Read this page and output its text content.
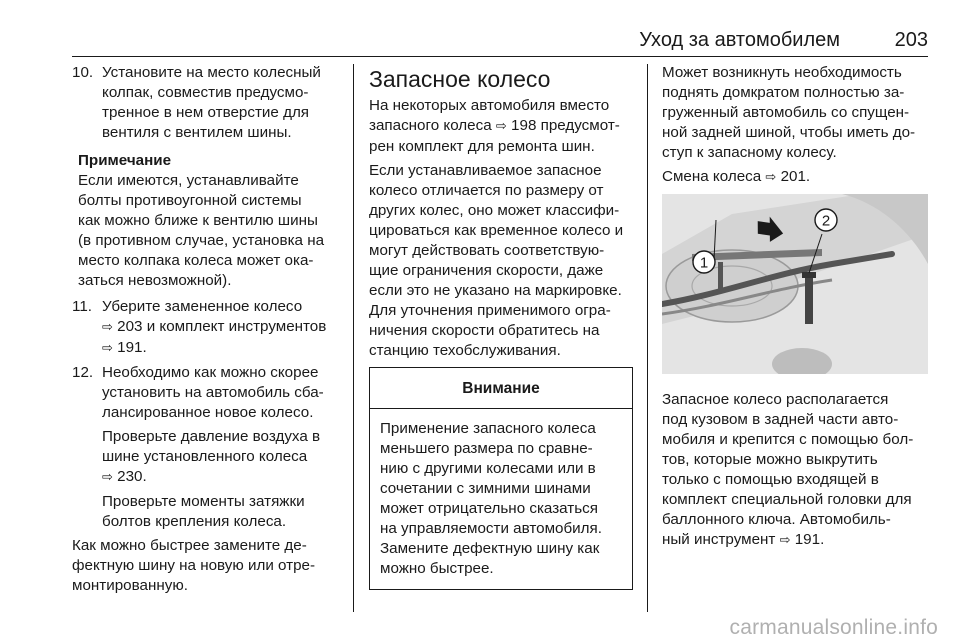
Уход за автомобилем	203
10. Установите на место колесный
колпак, совместив предусмо-
тренное в нем отверстие для
вентиля с вентилем шины.
Примечание
Если имеются, устанавливайте
болты противоугонной системы
как можно ближе к вентилю шины
(в противном случае, установка на
место колпака колеса может ока-
заться невозможной).
11. Уберите замененное колесо
⇨ 203 и комплект инструментов
⇨ 191.
12. Необходимо как можно скорее
установить на автомобиль сба-
лансированное новое колесо.

Проверьте давление воздуха в
шине установленного колеса
⇨ 230.

Проверьте моменты затяжки
болтов крепления колеса.

Как можно быстрее замените де-
фектную шину на новую или отре-
монтированную.
Запасное колесо

На некоторых автомобиля вместо
запасного колеса ⇨ 198 предусмот-
рен комплект для ремонта шин.

Если устанавливаемое запасное
колесо отличается по размеру от
других колес, оно может классифи-
цироваться как временное колесо и
могут действовать соответствую-
щие ограничения скорости, даже
если это не указано на маркировке.
Для уточнения применимого огра-
ничения скорости обратитесь на
станцию техобслуживания.

Внимание
Применение запасного колеса
меньшего размера по сравне-
нию с другими колесами или в
сочетании с зимними шинами
может отрицательно сказаться
на управляемости автомобиля.
Замените дефектную шину как
можно быстрее.

Может возникнуть необходимость
поднять домкратом полностью за-
груженный автомобиль со спущен-
ной задней шиной, чтобы иметь до-
ступ к запасному колесу.

Смена колеса ⇨ 201.

1
2

Запасное колесо располагается
под кузовом в задней части авто-
мобиля и крепится с помощью бол-
тов, которые можно выкрутить
только с помощью входящей в
комплект специальной головки для
баллонного ключа. Автомобиль-
ный инструмент ⇨ 191.

carmanualsonline.info
